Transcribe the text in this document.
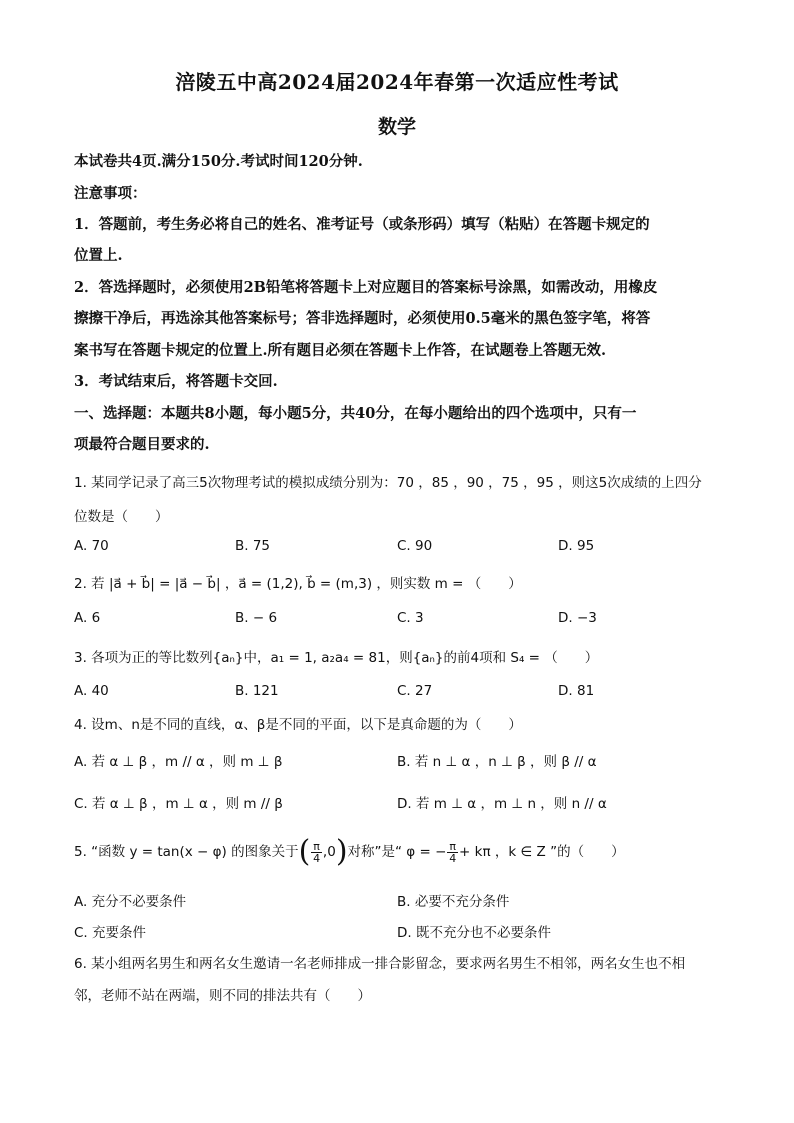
涪陵五中高2024届2024年春第一次适应性考试
数学
本试卷共4页.满分150分.考试时间120分钟.
注意事项：
1．答题前，考生务必将自己的姓名、准考证号（或条形码）填写（粘贴）在答题卡规定的
位置上.
2．答选择题时，必须使用2B铅笔将答题卡上对应题目的答案标号涂黑，如需改动，用橡皮
擦擦干净后，再选涂其他答案标号；答非选择题时，必须使用0.5毫米的黑色签字笔，将答
案书写在答题卡规定的位置上.所有题目必须在答题卡上作答，在试题卷上答题无效.
3．考试结束后，将答题卡交回.
一、选择题：本题共8小题，每小题5分，共40分，在每小题给出的四个选项中，只有一
项最符合题目要求的.
1. 某同学记录了高三5次物理考试的模拟成绩分别为：70 ，85 ，90 ，75 ，95 ，则这5次成绩的上四分
位数是（　　）
A. 70	B. 75	C. 90	D. 95
2. 若 |a⃗ + b⃗| = |a⃗ − b⃗| ，a⃗ = (1,2), b⃗ = (m,3) ，则实数 m = （　　）
A. 6	B. − 6	C. 3	D. −3
3. 各项为正的等比数列{aₙ}中，a₁ = 1, a₂a₄ = 81，则{aₙ}的前4项和 S₄ = （　　）
A. 40	B. 121	C. 27	D. 81
4. 设m、n是不同的直线，α、β是不同的平面，以下是真命题的为（　　）
A. 若 α ⊥ β ，m // α ，则 m ⊥ β	B. 若 n ⊥ α ，n ⊥ β ，则 β // α
C. 若 α ⊥ β ，m ⊥ α ，则 m // β	D. 若 m ⊥ α ，m ⊥ n ，则 n // α
5. “函数 y = tan(x − φ) 的图象关于( $\frac{\pi}{4} ,0$)对称”是“ φ = − $\frac{\pi}{4} + k\pi$ ，k ∈ Z ”的（　　）
A. 充分不必要条件	B. 必要不充分条件
C. 充要条件	D. 既不充分也不必要条件
6. 某小组两名男生和两名女生邀请一名老师排成一排合影留念，要求两名男生不相邻，两名女生也不相
邻，老师不站在两端，则不同的排法共有（　　）
